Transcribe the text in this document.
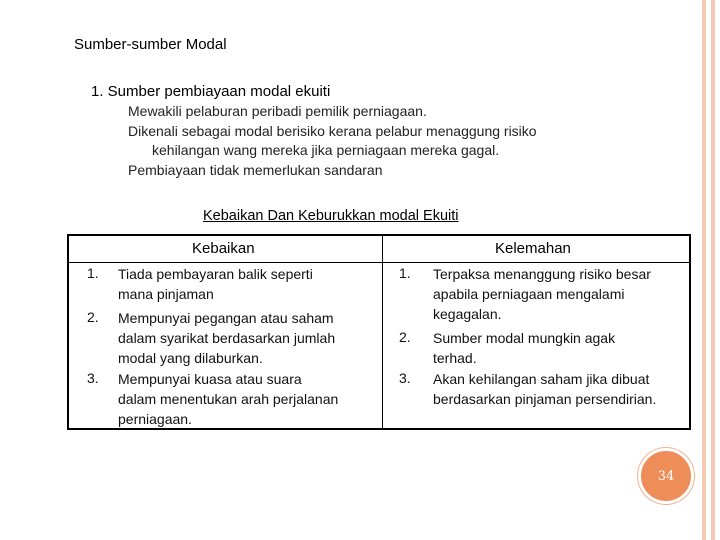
Sumber-sumber Modal
1. Sumber pembiayaan modal ekuiti
Mewakili pelaburan peribadi pemilik perniagaan.
Dikenali sebagai modal berisiko kerana pelabur menaggung risiko
kehilangan wang mereka jika perniagaan mereka gagal.
Pembiayaan tidak memerlukan sandaran
Kebaikan Dan Keburukkan modal Ekuiti
Kebaikan	Kelemahan
1. Tiada pembayaran balik seperti
mana pinjaman
2. Mempunyai pegangan atau saham
dalam syarikat berdasarkan jumlah
modal yang dilaburkan.
3. Mempunyai kuasa atau suara
dalam menentukan arah perjalanan
perniagaan.
1. Terpaksa menanggung risiko besar
apabila perniagaan mengalami
kegagalan.
2. Sumber modal mungkin agak
terhad.
3. Akan kehilangan saham jika dibuat
berdasarkan pinjaman persendirian.
34
